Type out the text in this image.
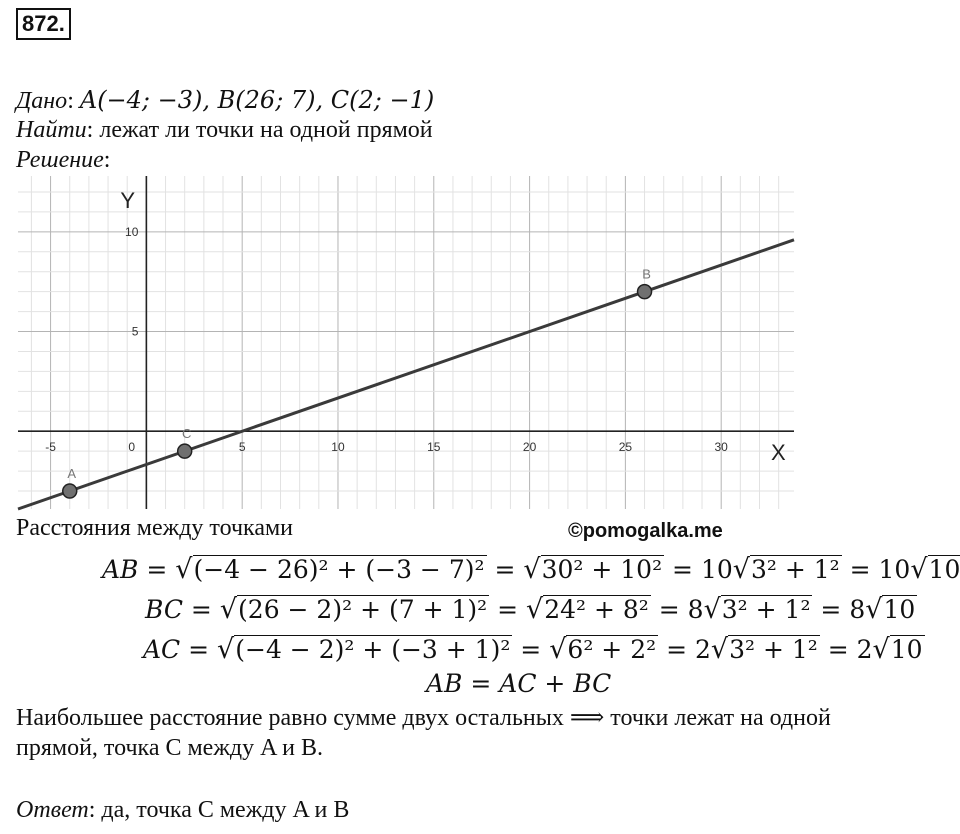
872.
Дано: A(−4; −3), B(26; 7), C(2; −1)
Найти: лежат ли точки на одной прямой
Решение:
X
Y
-5	0	5	10	15	20	25	30
5
10
A
B
C
Расстояния между точками	©pomogalka.me
AB = √(−4 − 26)² + (−3 − 7)² = √30² + 10² = 10√3² + 1² = 10√10
BC = √(26 − 2)² + (7 + 1)² = √24² + 8² = 8√3² + 1² = 8√10
AC = √(−4 − 2)² + (−3 + 1)² = √6² + 2² = 2√3² + 1² = 2√10
AB = AC + BC
Наибольшее расстояние равно сумме двух остальных ⟹ точки лежат на одной
прямой, точка C между A и B.
Ответ: да, точка C между A и B
